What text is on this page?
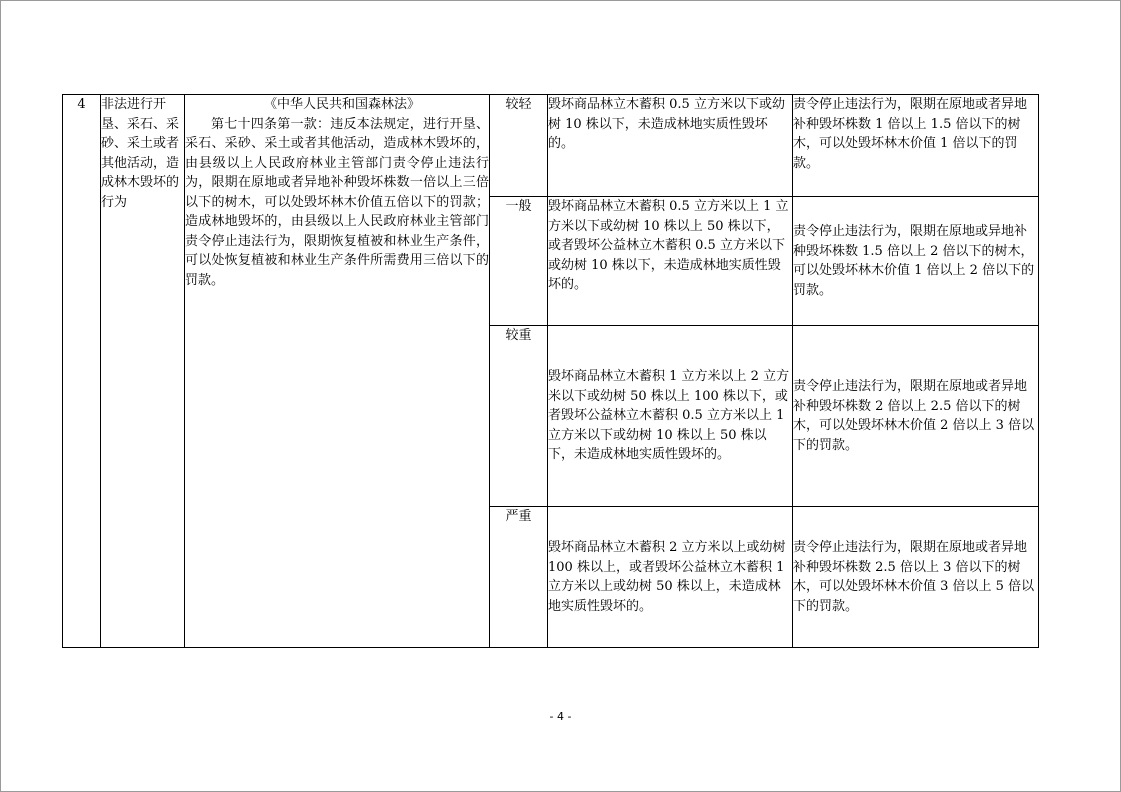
4	非法进行开垦、采石、采砂、采土或者其他活动，造成林木毁坏的行为	《中华人民共和国森林法》
第七十四条第一款：违反本法规定，进行开垦、采石、采砂、采土或者其他活动，造成林木毁坏的，由县级以上人民政府林业主管部门责令停止违法行为，限期在原地或者异地补种毁坏株数一倍以上三倍以下的树木，可以处毁坏林木价值五倍以下的罚款；造成林地毁坏的，由县级以上人民政府林业主管部门责令停止违法行为，限期恢复植被和林业生产条件，可以处恢复植被和林业生产条件所需费用三倍以下的罚款。	较轻	毁坏商品林立木蓄积 0.5 立方米以下或幼树 10 株以下，未造成林地实质性毁坏的。	责令停止违法行为，限期在原地或者异地补种毁坏株数 1 倍以上 1.5 倍以下的树木，可以处毁坏林木价值 1 倍以下的罚款。
			一般	毁坏商品林立木蓄积 0.5 立方米以上 1 立方米以下或幼树 10 株以上 50 株以下，或者毁坏公益林立木蓄积 0.5 立方米以下或幼树 10 株以下，未造成林地实质性毁坏的。	责令停止违法行为，限期在原地或异地补种毁坏株数 1.5 倍以上 2 倍以下的树木，可以处毁坏林木价值 1 倍以上 2 倍以下的罚款。
			较重	毁坏商品林立木蓄积 1 立方米以上 2 立方米以下或幼树 50 株以上 100 株以下，或者毁坏公益林立木蓄积 0.5 立方米以上 1 立方米以下或幼树 10 株以上 50 株以下，未造成林地实质性毁坏的。	责令停止违法行为，限期在原地或者异地补种毁坏株数 2 倍以上 2.5 倍以下的树木，可以处毁坏林木价值 2 倍以上 3 倍以下的罚款。
			严重	毁坏商品林立木蓄积 2 立方米以上或幼树 100 株以上，或者毁坏公益林立木蓄积 1 立方米以上或幼树 50 株以上，未造成林地实质性毁坏的。	责令停止违法行为，限期在原地或者异地补种毁坏株数 2.5 倍以上 3 倍以下的树木，可以处毁坏林木价值 3 倍以上 5 倍以下的罚款。
- 4 -
